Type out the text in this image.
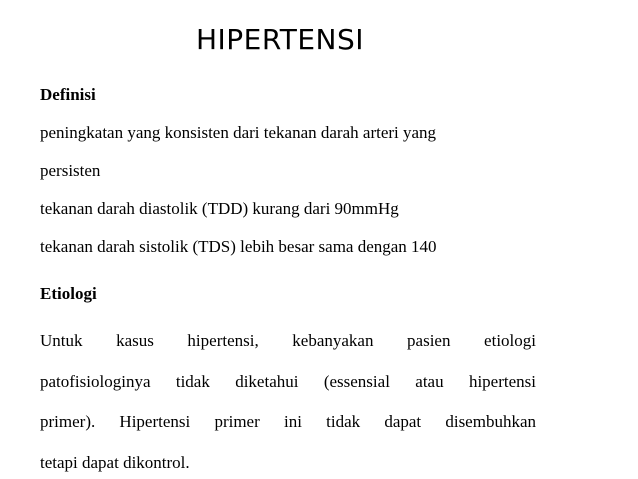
HIPERTENSI

Definisi

peningkatan yang konsisten dari tekanan darah arteri yang

persisten

tekanan darah diastolik (TDD) kurang dari 90mmHg

tekanan darah sistolik (TDS) lebih besar sama dengan 140

Etiologi

Untuk kasus hipertensi, kebanyakan pasien etiologi

patofisiologinya tidak diketahui (essensial atau hipertensi

primer). Hipertensi primer ini tidak dapat disembuhkan

tetapi dapat dikontrol.
